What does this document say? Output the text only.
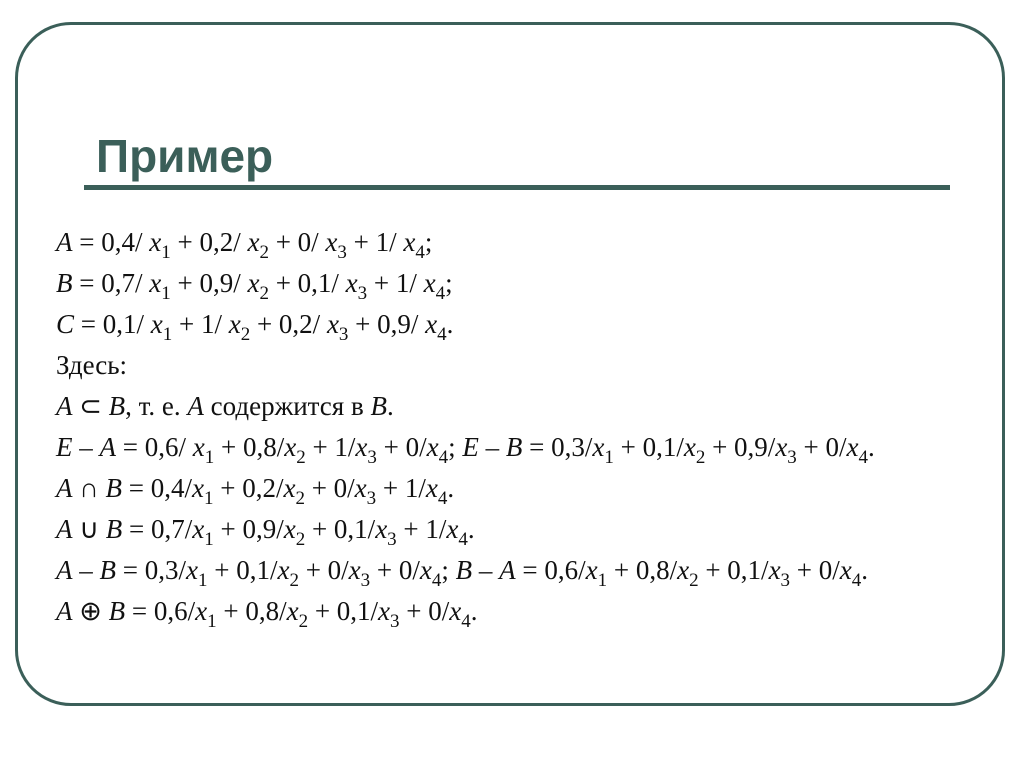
Пример
A = 0,4/ $x_1 + 0,2/$ $x_2 + 0/$ $x_3 + 1/$ $x_4$;
B = 0,7/ $x_1 + 0,9/$ $x_2 + 0,1/$ $x_3 + 1/$ $x_4$;
C = 0,1/ $x_1 + 1/$ $x_2 + 0,2/$ $x_3 + 0,9/$ $x_4$.
Здесь:
A ⊂ B, т. е. A содержится в B.
E – A = 0,6/ $x_1 + 0,8/x_2 + 1/x_3 + 0/x_4$; $E - B = 0,3/x_1 + 0,1/x_2 + 0,9/x_3 + 0/x_4$.
A ∩ $B = 0,4/x_1 + 0,2/x_2 + 0/x_3 + 1/x_4$.
A ∪ $B = 0,7/x_1 + 0,9/x_2 + 0,1/x_3 + 1/x_4$.
$A - B = 0,3/x_1 + 0,1/x_2 + 0/x_3 + 0/x_4$; $B - A = 0,6/x_1 + 0,8/x_2 + 0,1/x_3 + 0/x_4$.
A ⊕ $B = 0,6/x_1 + 0,8/x_2 + 0,1/x_3 + 0/x_4$.
